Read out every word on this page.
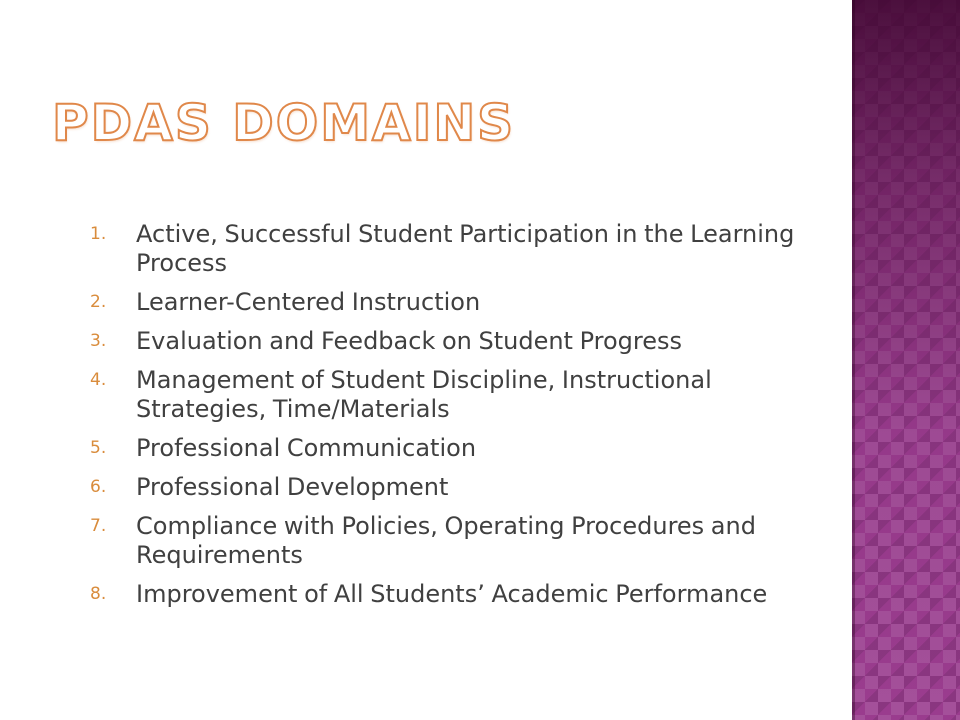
PDAS DOMAINS
1.	Active, Successful Student Participation in the Learning Process
2.	Learner-Centered Instruction
3.	Evaluation and Feedback on Student Progress
4.	Management of Student Discipline, Instructional Strategies, Time/Materials
5.	Professional Communication
6.	Professional Development
7.	Compliance with Policies, Operating Procedures and Requirements
8.	Improvement of All Students’ Academic Performance
